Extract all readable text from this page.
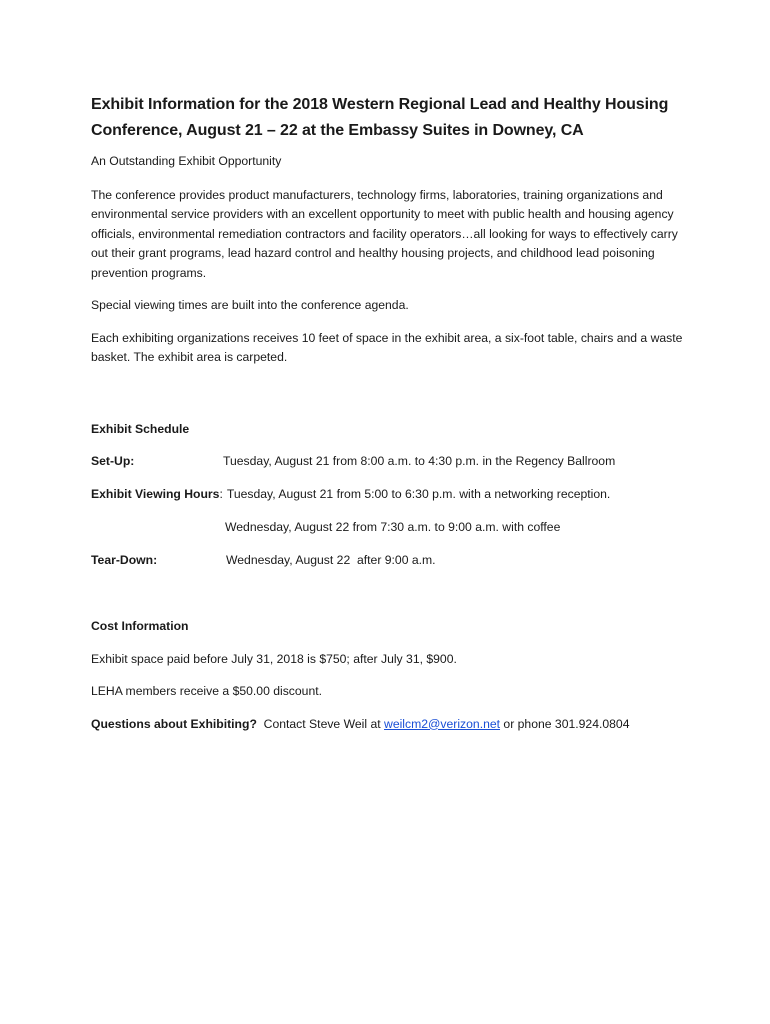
Exhibit Information for the 2018 Western Regional Lead and Healthy Housing Conference, August 21 – 22 at the Embassy Suites in Downey, CA
An Outstanding Exhibit Opportunity
The conference provides product manufacturers, technology firms, laboratories, training organizations and environmental service providers with an excellent opportunity to meet with public health and housing agency officials, environmental remediation contractors and facility operators…all looking for ways to effectively carry out their grant programs, lead hazard control and healthy housing projects, and childhood lead poisoning prevention programs.
Special viewing times are built into the conference agenda.
Each exhibiting organizations receives 10 feet of space in the exhibit area, a six-foot table, chairs and a waste basket. The exhibit area is carpeted.
Exhibit Schedule
Set-Up:	Tuesday, August 21 from 8:00 a.m. to 4:30 p.m. in the Regency Ballroom
Exhibit Viewing Hours : Tuesday, August 21 from 5:00 to 6:30 p.m. with a networking reception.
Wednesday, August 22 from 7:30 a.m. to 9:00 a.m. with coffee
Tear-Down:	Wednesday, August 22  after 9:00 a.m.
Cost Information
Exhibit space paid before July 31, 2018 is $750; after July 31, $900.
LEHA members receive a $50.00 discount.
Questions about Exhibiting?  Contact Steve Weil at weilcm2@verizon.net or phone 301.924.0804
